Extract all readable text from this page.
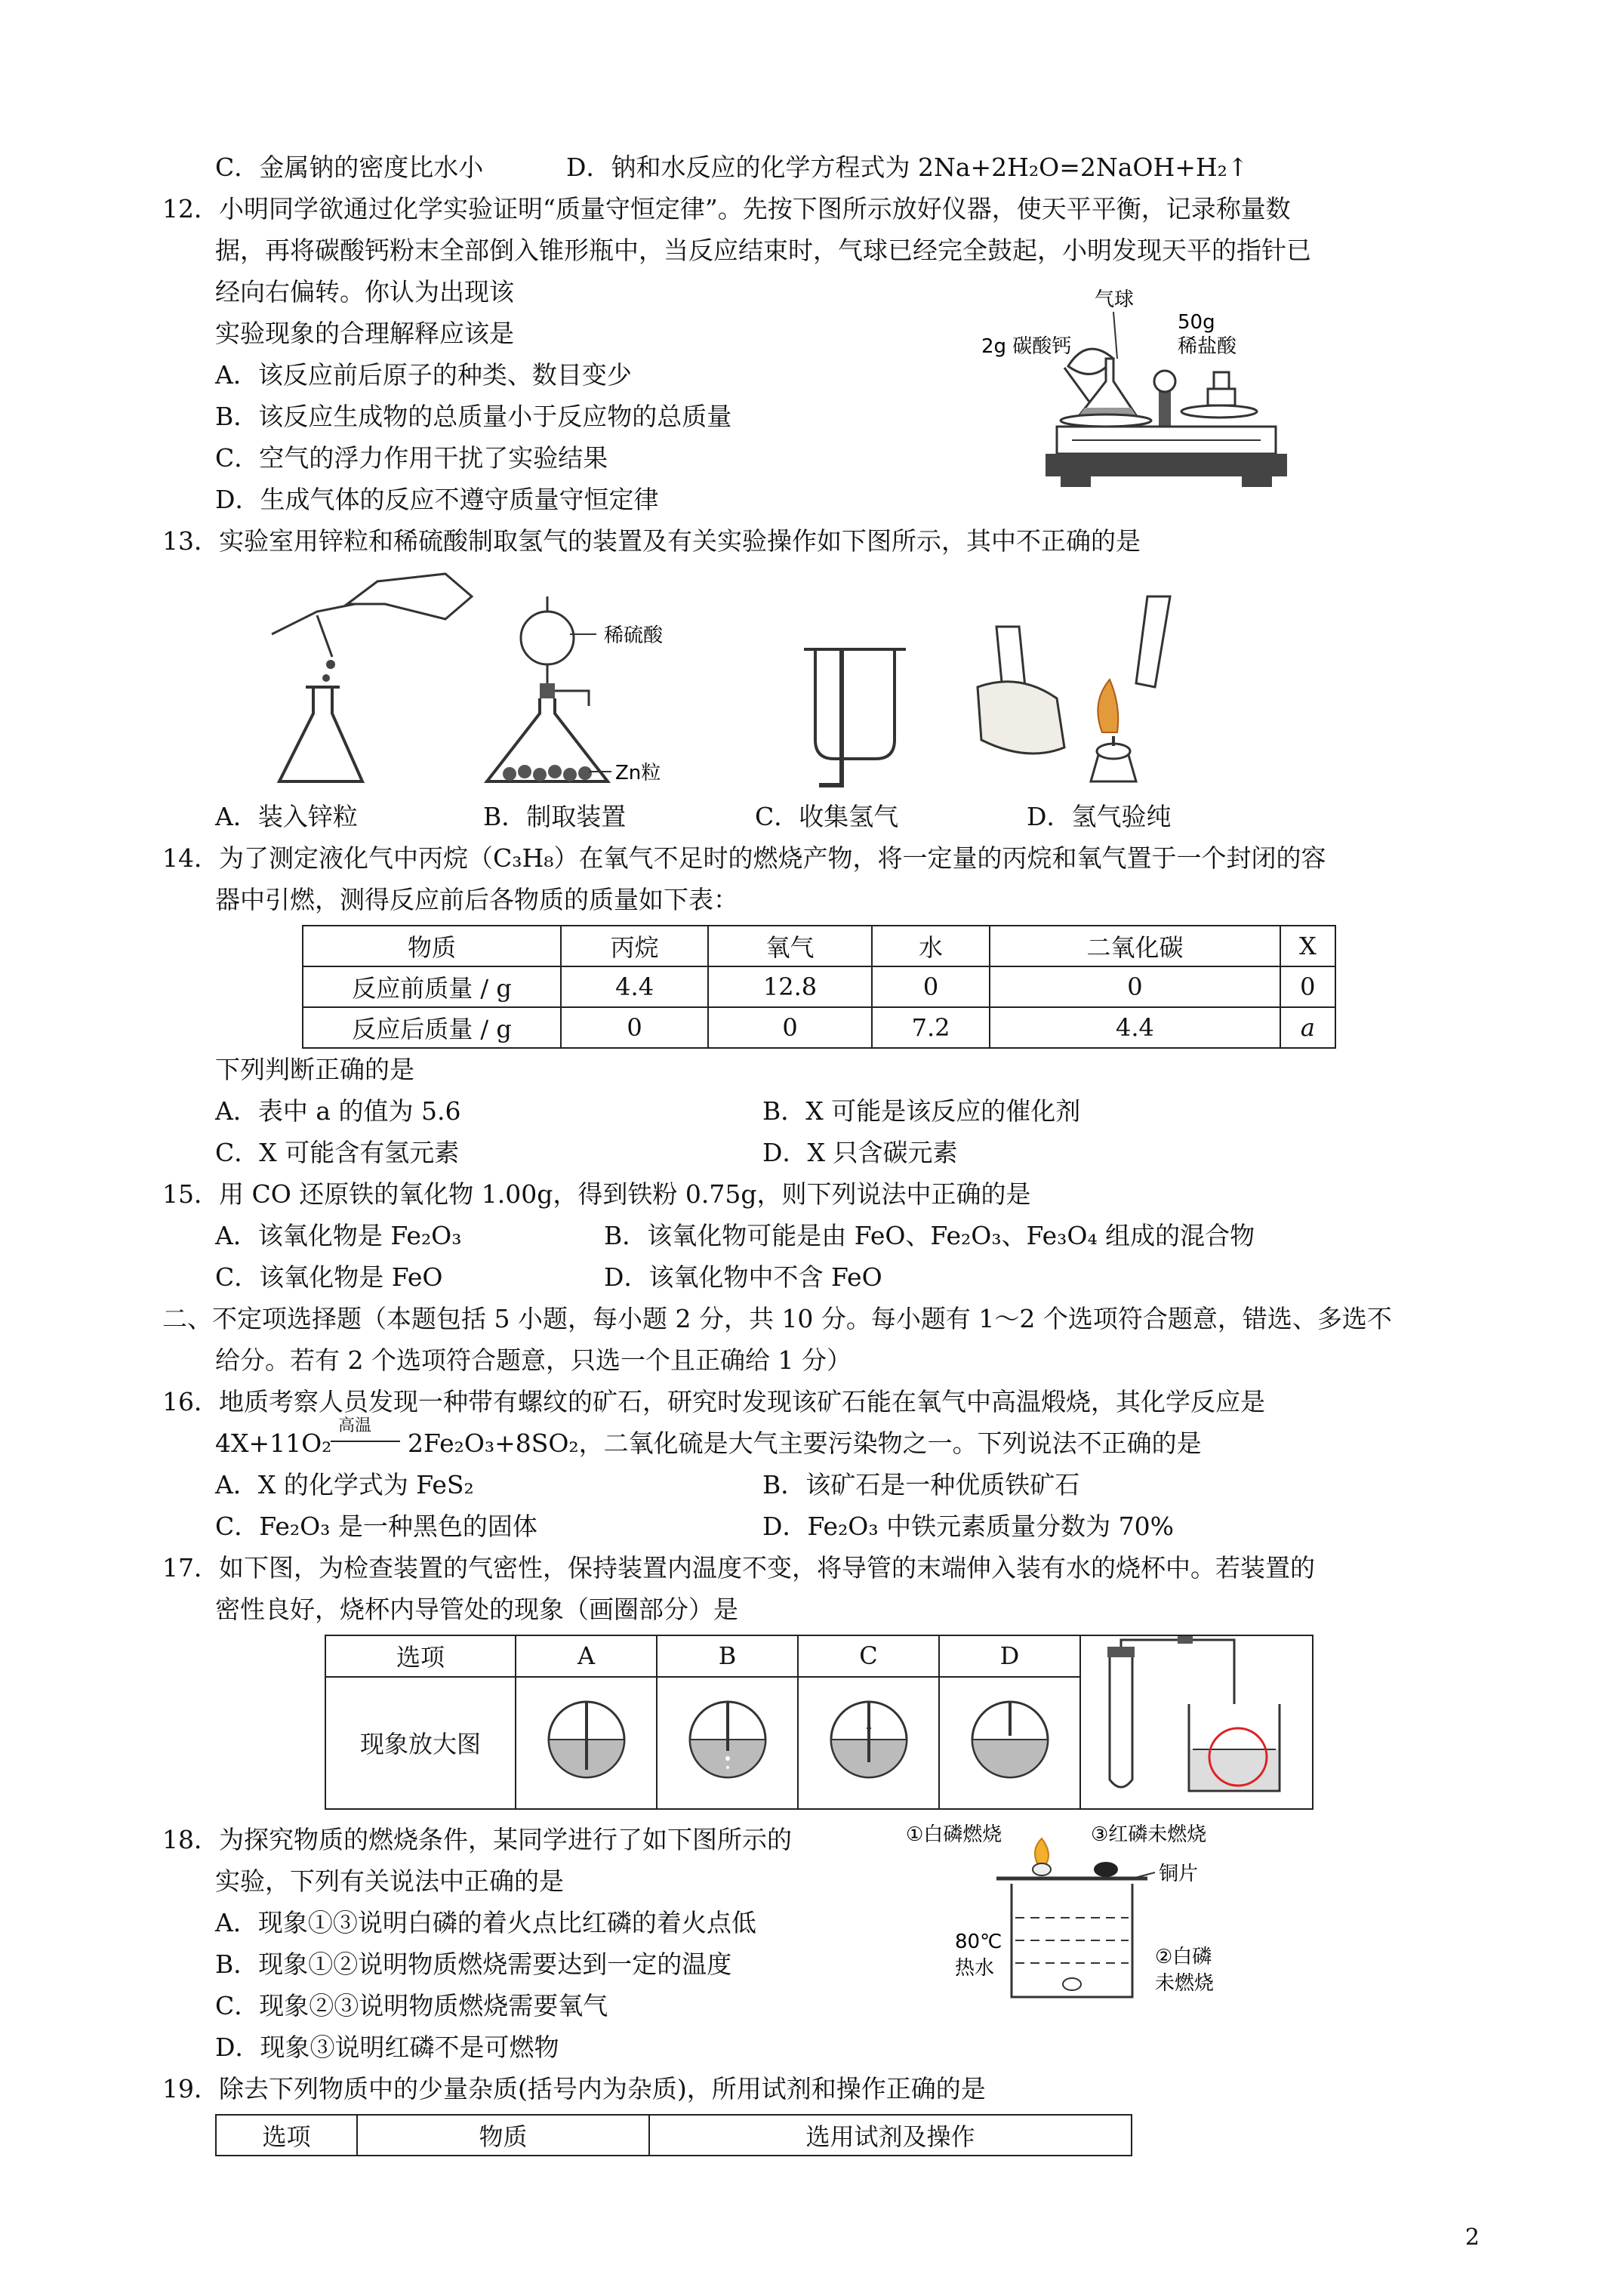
C．金属钠的密度比水小	D．钠和水反应的化学方程式为 2Na+2H₂O=2NaOH+H₂↑
12．小明同学欲通过化学实验证明“质量守恒定律”。先按下图所示放好仪器，使天平平衡，记录称量数
据，再将碳酸钙粉末全部倒入锥形瓶中，当反应结束时，气球已经完全鼓起，小明发现天平的指针已
经向右偏转。你认为出现该
实验现象的合理解释应该是
A．该反应前后原子的种类、数目变少
B．该反应生成物的总质量小于反应物的总质量
C．空气的浮力作用干扰了实验结果
D．生成气体的反应不遵守质量守恒定律
气球
50g
2g 碳酸钙	稀盐酸
13．实验室用锌粒和稀硫酸制取氢气的装置及有关实验操作如下图所示，其中不正确的是
稀硫酸
Zn粒
A．装入锌粒	B．制取装置	C．收集氢气	D．氢气验纯
14．为了测定液化气中丙烷（C₃H₈）在氧气不足时的燃烧产物，将一定量的丙烷和氧气置于一个封闭的容
器中引燃，测得反应前后各物质的质量如下表：
物质	丙烷	氧气	水	二氧化碳	X
反应前质量 / g	4.4	12.8	0	0	0
反应后质量 / g	0	0	7.2	4.4	a
下列判断正确的是
A．表中 a 的值为 5.6	B．X 可能是该反应的催化剂
C．X 可能含有氢元素	D．X 只含碳元素
15．用 CO 还原铁的氧化物 1.00g，得到铁粉 0.75g，则下列说法中正确的是
A．该氧化物是 Fe₂O₃	B．该氧化物可能是由 FeO、Fe₂O₃、Fe₃O₄ 组成的混合物
C．该氧化物是 FeO	D．该氧化物中不含 FeO
二、不定项选择题（本题包括 5 小题，每小题 2 分，共 10 分。每小题有 1～2 个选项符合题意，错选、多选不
给分。若有 2 个选项符合题意，只选一个且正确给 1 分）
16．地质考察人员发现一种带有螺纹的矿石，研究时发现该矿石能在氧气中高温煅烧，其化学反应是
4X+11O₂
高温
2Fe₂O₃+8SO₂，二氧化硫是大气主要污染物之一。下列说法不正确的是
A．X 的化学式为 FeS₂	B．该矿石是一种优质铁矿石
C．Fe₂O₃ 是一种黑色的固体	D．Fe₂O₃ 中铁元素质量分数为 70%
17．如下图，为检查装置的气密性，保持装置内温度不变，将导管的末端伸入装有水的烧杯中。若装置的
密性良好，烧杯内导管处的现象（画圈部分）是
选项	A	B	C	D	
现象放大图				
18．为探究物质的燃烧条件，某同学进行了如下图所示的
实验，下列有关说法中正确的是
A．现象①③说明白磷的着火点比红磷的着火点低
B．现象①②说明物质燃烧需要达到一定的温度
C．现象②③说明物质燃烧需要氧气
D．现象③说明红磷不是可燃物
①白磷燃烧	③红磷未燃烧
铜片
80℃
热水	②白磷
未燃烧
19．除去下列物质中的少量杂质(括号内为杂质)，所用试剂和操作正确的是
选项	物质	选用试剂及操作
2
